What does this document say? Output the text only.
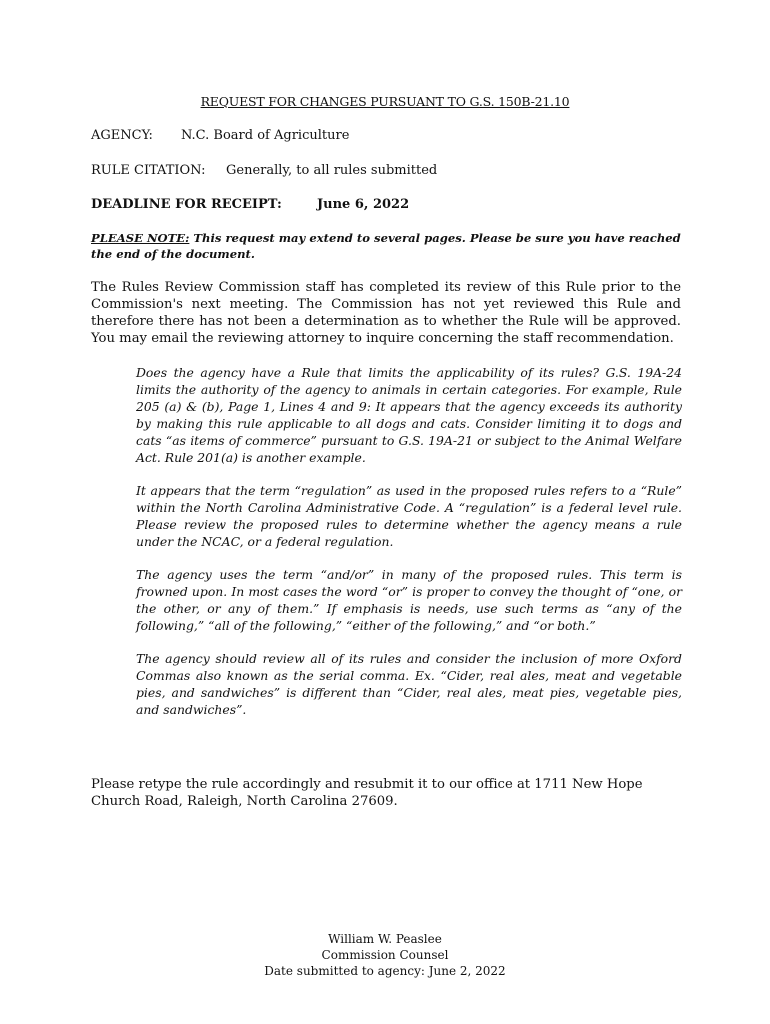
REQUEST FOR CHANGES PURSUANT TO G.S. 150B-21.10
AGENCY: N.C. Board of Agriculture
RULE CITATION: Generally, to all rules submitted
DEADLINE FOR RECEIPT:	June 6, 2022
PLEASE NOTE: This request may extend to several pages. Please be sure you have reached the end of the document.
The Rules Review Commission staff has completed its review of this Rule prior to the Commission's next meeting. The Commission has not yet reviewed this Rule and therefore there has not been a determination as to whether the Rule will be approved. You may email the reviewing attorney to inquire concerning the staff recommendation.

Does the agency have a Rule that limits the applicability of its rules? G.S. 19A-24 limits the authority of the agency to animals in certain categories. For example, Rule 205 (a) & (b), Page 1, Lines 4 and 9: It appears that the agency exceeds its authority by making this rule applicable to all dogs and cats. Consider limiting it to dogs and cats “as items of commerce” pursuant to G.S. 19A-21 or subject to the Animal Welfare Act. Rule 201(a) is another example.

It appears that the term “regulation” as used in the proposed rules refers to a “Rule” within the North Carolina Administrative Code. A “regulation” is a federal level rule. Please review the proposed rules to determine whether the agency means a rule under the NCAC, or a federal regulation.

The agency uses the term “and/or” in many of the proposed rules. This term is frowned upon. In most cases the word “or” is proper to convey the thought of “one, or the other, or any of them.” If emphasis is needs, use such terms as “any of the following,” “all of the following,” “either of the following,” and “or both.”

The agency should review all of its rules and consider the inclusion of more Oxford Commas also known as the serial comma. Ex. “Cider, real ales, meat and vegetable pies, and sandwiches” is different than “Cider, real ales, meat pies, vegetable pies, and sandwiches”.

Please retype the rule accordingly and resubmit it to our office at 1711 New Hope Church Road, Raleigh, North Carolina 27609.
William W. Peaslee
Commission Counsel
Date submitted to agency: June 2, 2022
